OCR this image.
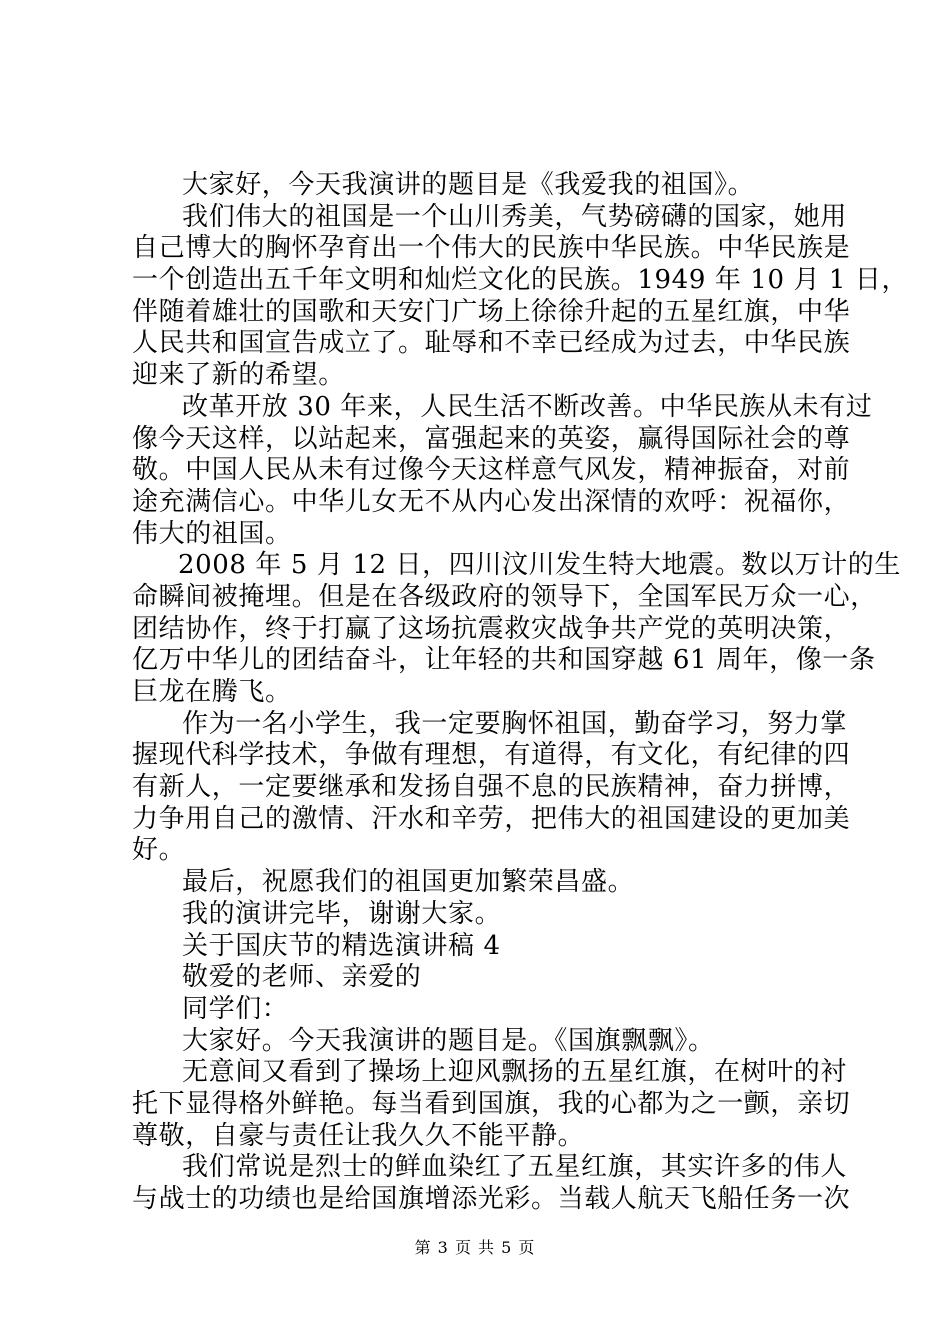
大家好，今天我演讲的题目是《我爱我的祖国》。
我们伟大的祖国是一个山川秀美，气势磅礴的国家，她用
自己博大的胸怀孕育出一个伟大的民族中华民族。中华民族是
一个创造出五千年文明和灿烂文化的民族。1949 年 10 月 1 日，
伴随着雄壮的国歌和天安门广场上徐徐升起的五星红旗，中华
人民共和国宣告成立了。耻辱和不幸已经成为过去，中华民族
迎来了新的希望。
改革开放 30 年来，人民生活不断改善。中华民族从未有过
像今天这样，以站起来，富强起来的英姿，赢得国际社会的尊
敬。中国人民从未有过像今天这样意气风发，精神振奋，对前
途充满信心。中华儿女无不从内心发出深情的欢呼：祝福你，
伟大的祖国。
2008 年 5 月 12 日，四川汶川发生特大地震。数以万计的生
命瞬间被掩埋。但是在各级政府的领导下，全国军民万众一心，
团结协作，终于打赢了这场抗震救灾战争共产党的英明决策，
亿万中华儿的团结奋斗，让年轻的共和国穿越 61 周年，像一条
巨龙在腾飞。
作为一名小学生，我一定要胸怀祖国，勤奋学习，努力掌
握现代科学技术，争做有理想，有道得，有文化，有纪律的四
有新人，一定要继承和发扬自强不息的民族精神，奋力拼博，
力争用自己的激情、汗水和辛劳，把伟大的祖国建设的更加美
好。
最后，祝愿我们的祖国更加繁荣昌盛。
我的演讲完毕，谢谢大家。
关于国庆节的精选演讲稿 4
敬爱的老师、亲爱的
同学们：
大家好。今天我演讲的题目是。《国旗飘飘》。
无意间又看到了操场上迎风飘扬的五星红旗，在树叶的衬
托下显得格外鲜艳。每当看到国旗，我的心都为之一颤，亲切
尊敬，自豪与责任让我久久不能平静。
我们常说是烈士的鲜血染红了五星红旗，其实许多的伟人
与战士的功绩也是给国旗增添光彩。当载人航天飞船任务一次
第 3 页 共 5 页
